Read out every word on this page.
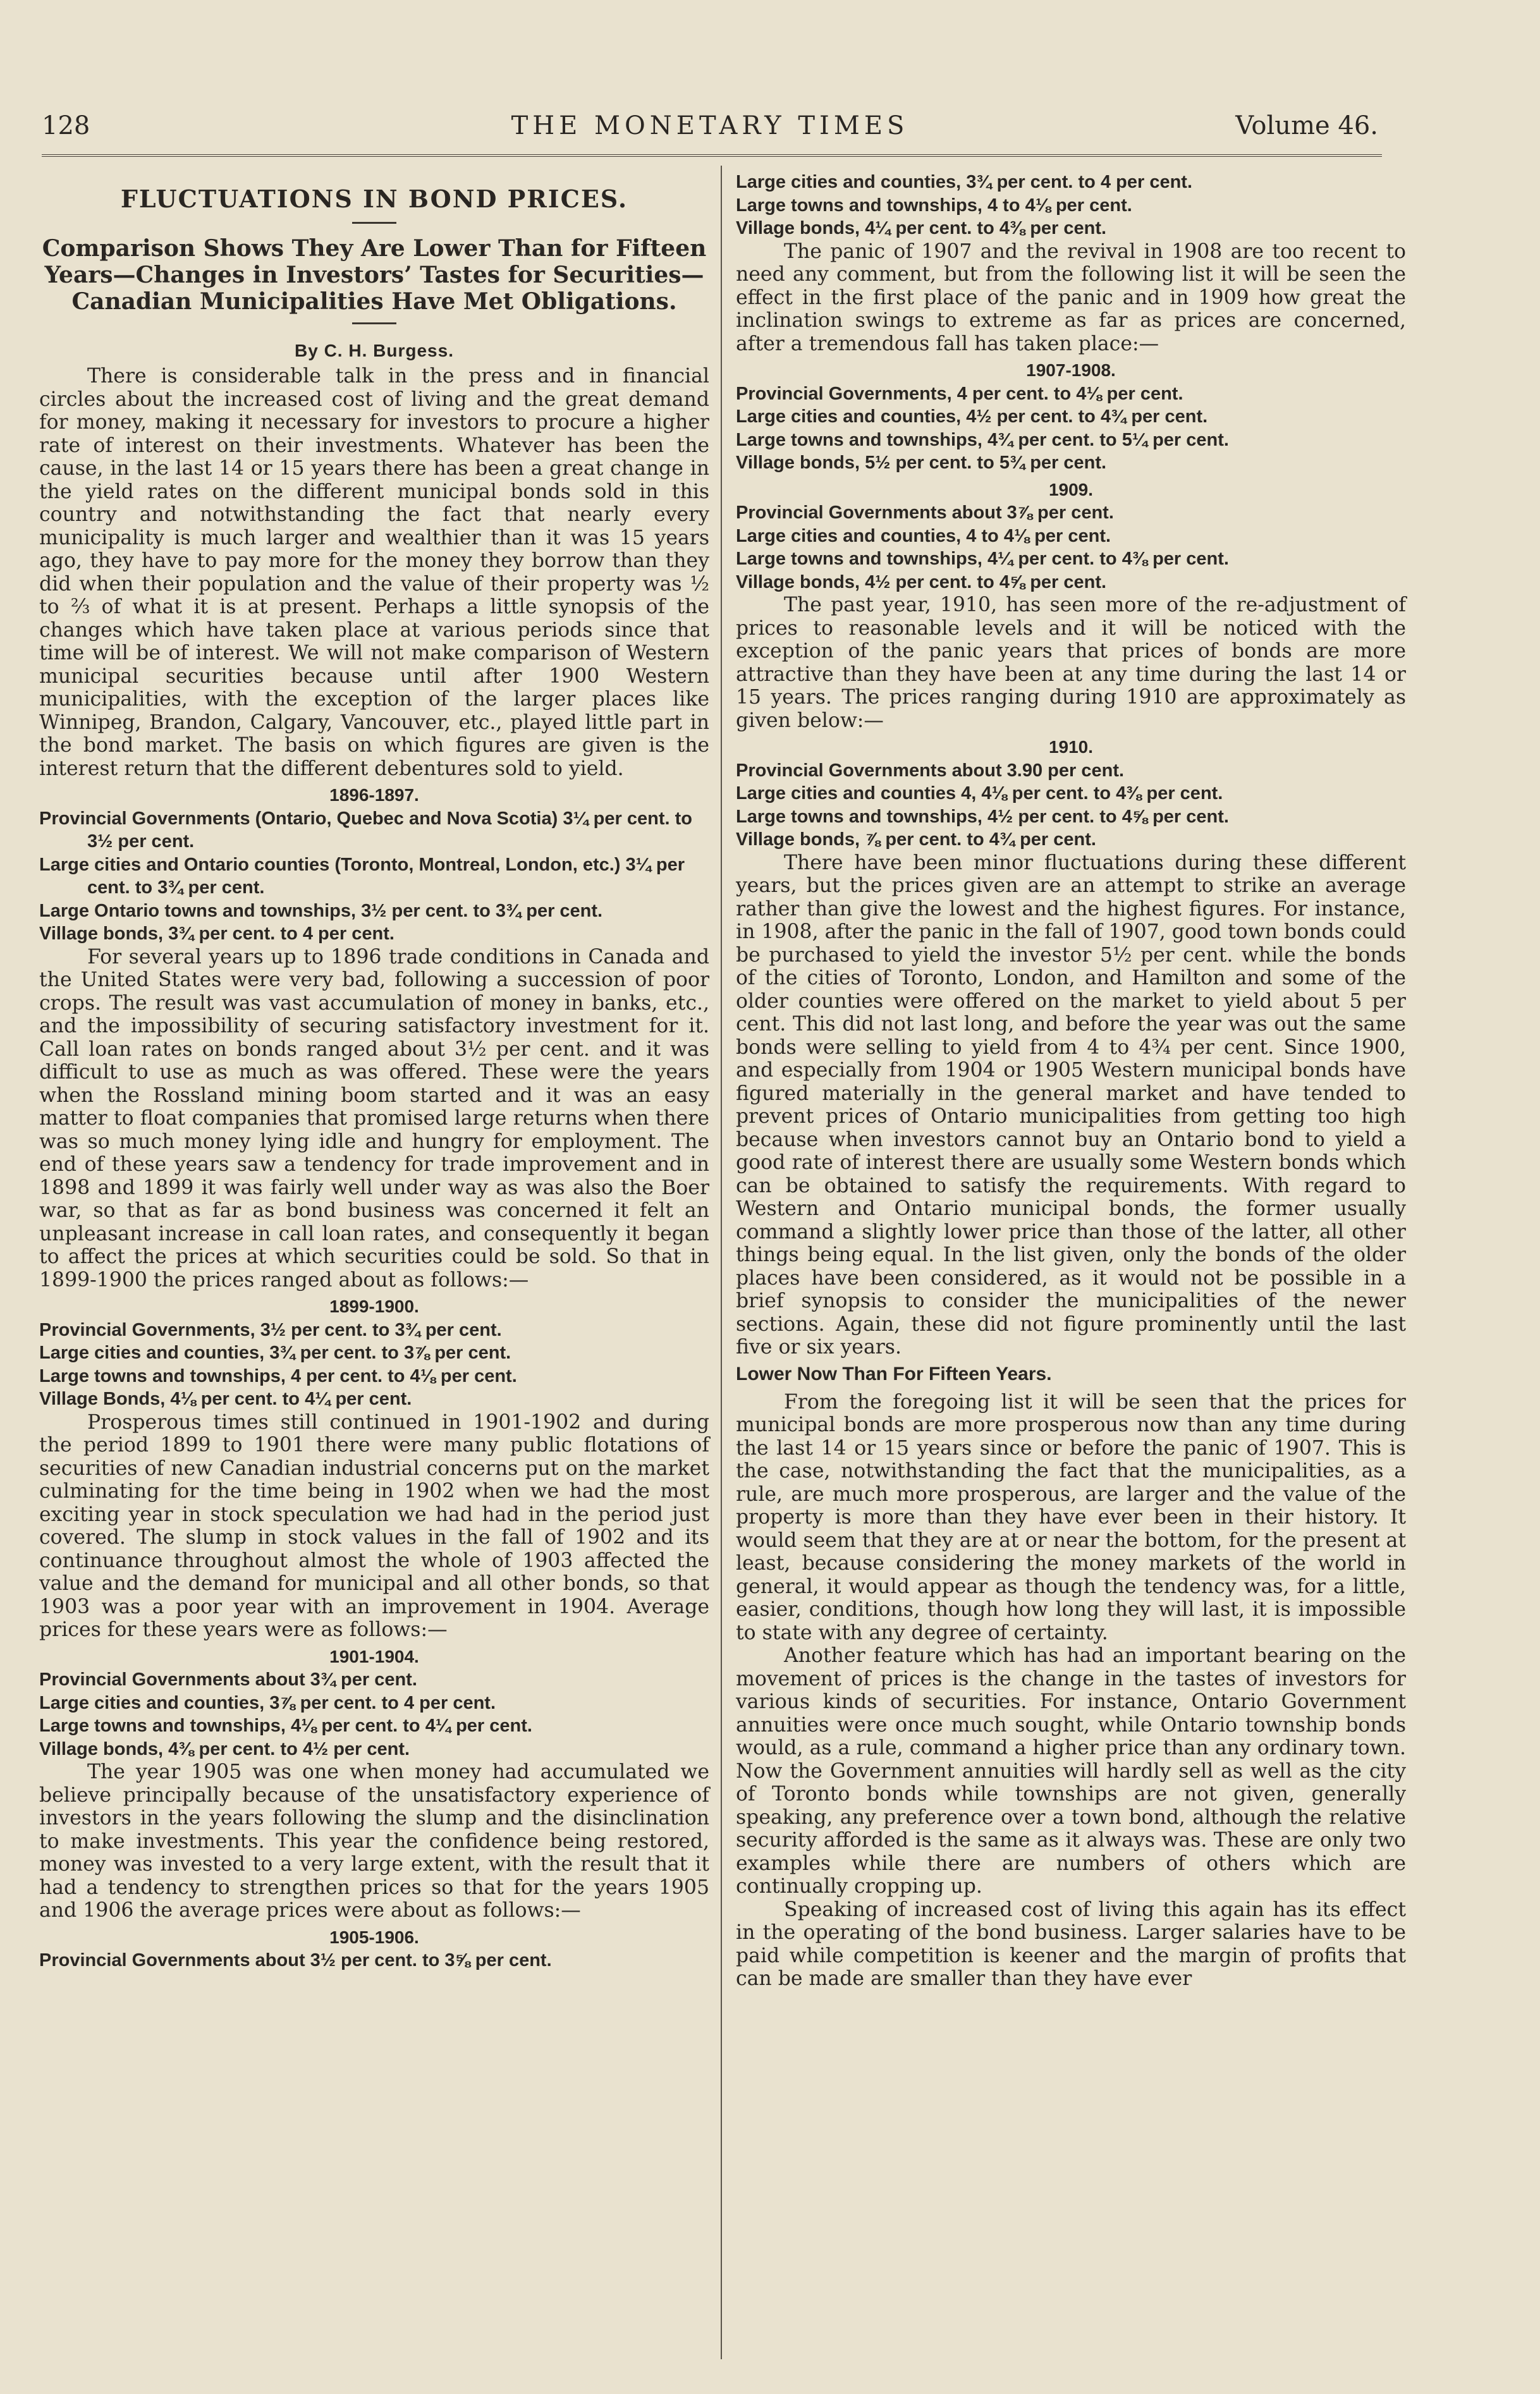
128	THE MONETARY TIMES	Volume 46.
FLUCTUATIONS IN BOND PRICES.
Comparison Shows They Are Lower Than for Fifteen Years—Changes in Investors’ Tastes for Securities—Canadian Municipalities Have Met Obligations.
By C. H. Burgess.

There is considerable talk in the press and in financial circles about the increased cost of living and the great demand for money, making it necessary for investors to procure a higher rate of interest on their investments. Whatever has been the cause, in the last 14 or 15 years there has been a great change in the yield rates on the different municipal bonds sold in this country and notwithstanding the fact that nearly every municipality is much larger and wealthier than it was 15 years ago, they have to pay more for the money they borrow than they did when their population and the value of their property was ½ to ⅔ of what it is at present. Perhaps a little synopsis of the changes which have taken place at various periods since that time will be of interest. We will not make comparison of Western municipal securities because until after 1900 Western municipalities, with the exception of the larger places like Winnipeg, Brandon, Calgary, Vancouver, etc., played little part in the bond market. The basis on which figures are given is the interest return that the different debentures sold to yield.

1896-1897.
Provincial Governments (Ontario, Quebec and Nova Scotia) 3¼ per cent. to 3½ per cent.
Large cities and Ontario counties (Toronto, Montreal, London, etc.) 3¼ per cent. to 3¾ per cent.
Large Ontario towns and townships, 3½ per cent. to 3¾ per cent.
Village bonds, 3¾ per cent. to 4 per cent.

For several years up to 1896 trade conditions in Canada and the United States were very bad, following a succession of poor crops. The result was vast accumulation of money in banks, etc., and the impossibility of securing satisfactory investment for it. Call loan rates on bonds ranged about 3½ per cent. and it was difficult to use as much as was offered. These were the years when the Rossland mining boom started and it was an easy matter to float companies that promised large returns when there was so much money lying idle and hungry for employment. The end of these years saw a tendency for trade improvement and in 1898 and 1899 it was fairly well under way as was also the Boer war, so that as far as bond business was concerned it felt an unpleasant increase in call loan rates, and consequently it began to affect the prices at which securities could be sold. So that in 1899-1900 the prices ranged about as follows:—

1899-1900.
Provincial Governments, 3½ per cent. to 3¾ per cent.
Large cities and counties, 3¾ per cent. to 3⅞ per cent.
Large towns and townships, 4 per cent. to 4⅛ per cent.
Village Bonds, 4⅛ per cent. to 4¼ per cent.

Prosperous times still continued in 1901-1902 and during the period 1899 to 1901 there were many public flotations of securities of new Canadian industrial concerns put on the market culminating for the time being in 1902 when we had the most exciting year in stock speculation we had had in the period just covered. The slump in stock values in the fall of 1902 and its continuance throughout almost the whole of 1903 affected the value and the demand for municipal and all other bonds, so that 1903 was a poor year with an improvement in 1904. Average prices for these years were as follows:—

1901-1904.
Provincial Governments about 3¾ per cent.
Large cities and counties, 3⅞ per cent. to 4 per cent.
Large towns and townships, 4⅛ per cent. to 4¼ per cent.
Village bonds, 4⅜ per cent. to 4½ per cent.

The year 1905 was one when money had accumulated we believe principally because of the unsatisfactory experience of investors in the years following the slump and the disinclination to make investments. This year the confidence being restored, money was invested to a very large extent, with the result that it had a tendency to strengthen prices so that for the years 1905 and 1906 the average prices were about as follows:—

1905-1906.
Provincial Governments about 3½ per cent. to 3⅝ per cent.
Large cities and counties, 3¾ per cent. to 4 per cent.
Large towns and townships, 4 to 4⅛ per cent.
Village bonds, 4¼ per cent. to 4⅜ per cent.

The panic of 1907 and the revival in 1908 are too recent to need any comment, but from the following list it will be seen the effect in the first place of the panic and in 1909 how great the inclination swings to extreme as far as prices are concerned, after a tremendous fall has taken place:—

1907-1908.
Provincial Governments, 4 per cent. to 4⅛ per cent.
Large cities and counties, 4½ per cent. to 4¾ per cent.
Large towns and townships, 4¾ per cent. to 5¼ per cent.
Village bonds, 5½ per cent. to 5¾ per cent.
1909.
Provincial Governments about 3⅞ per cent.
Large cities and counties, 4 to 4⅛ per cent.
Large towns and townships, 4¼ per cent. to 4⅜ per cent.
Village bonds, 4½ per cent. to 4⅝ per cent.

The past year, 1910, has seen more of the re-adjustment of prices to reasonable levels and it will be noticed with the exception of the panic years that prices of bonds are more attractive than they have been at any time during the last 14 or 15 years. The prices ranging during 1910 are approximately as given below:—

1910.
Provincial Governments about 3.90 per cent.
Large cities and counties 4, 4⅛ per cent. to 4⅜ per cent.
Large towns and townships, 4½ per cent. to 4⅝ per cent.
Village bonds, ⅞ per cent. to 4¾ per cent.

There have been minor fluctuations during these different years, but the prices given are an attempt to strike an average rather than give the lowest and the highest figures. For instance, in 1908, after the panic in the fall of 1907, good town bonds could be purchased to yield the investor 5½ per cent. while the bonds of the cities of Toronto, London, and Hamilton and some of the older counties were offered on the market to yield about 5 per cent. This did not last long, and before the year was out the same bonds were selling to yield from 4 to 4¾ per cent. Since 1900, and especially from 1904 or 1905 Western municipal bonds have figured materially in the general market and have tended to prevent prices of Ontario municipalities from getting too high because when investors cannot buy an Ontario bond to yield a good rate of interest there are usually some Western bonds which can be obtained to satisfy the requirements. With regard to Western and Ontario municipal bonds, the former usually command a slightly lower price than those of the latter, all other things being equal. In the list given, only the bonds of the older places have been considered, as it would not be possible in a brief synopsis to consider the municipalities of the newer sections. Again, these did not figure prominently until the last five or six years.

Lower Now Than For Fifteen Years.

From the foregoing list it will be seen that the prices for municipal bonds are more prosperous now than any time during the last 14 or 15 years since or before the panic of 1907. This is the case, notwithstanding the fact that the municipalities, as a rule, are much more prosperous, are larger and the value of the property is more than they have ever been in their history. It would seem that they are at or near the bottom, for the present at least, because considering the money markets of the world in general, it would appear as though the tendency was, for a little, easier, conditions, though how long they will last, it is impossible to state with any degree of certainty.

Another feature which has had an important bearing on the movement of prices is the change in the tastes of investors for various kinds of securities. For instance, Ontario Government annuities were once much sought, while Ontario township bonds would, as a rule, command a higher price than any ordinary town. Now the Government annuities will hardly sell as well as the city of Toronto bonds while townships are not given, generally speaking, any preference over a town bond, although the relative security afforded is the same as it always was. These are only two examples while there are numbers of others which are continually cropping up.

Speaking of increased cost of living this again has its effect in the operating of the bond business. Larger salaries have to be paid while competition is keener and the margin of profits that can be made are smaller than they have ever
